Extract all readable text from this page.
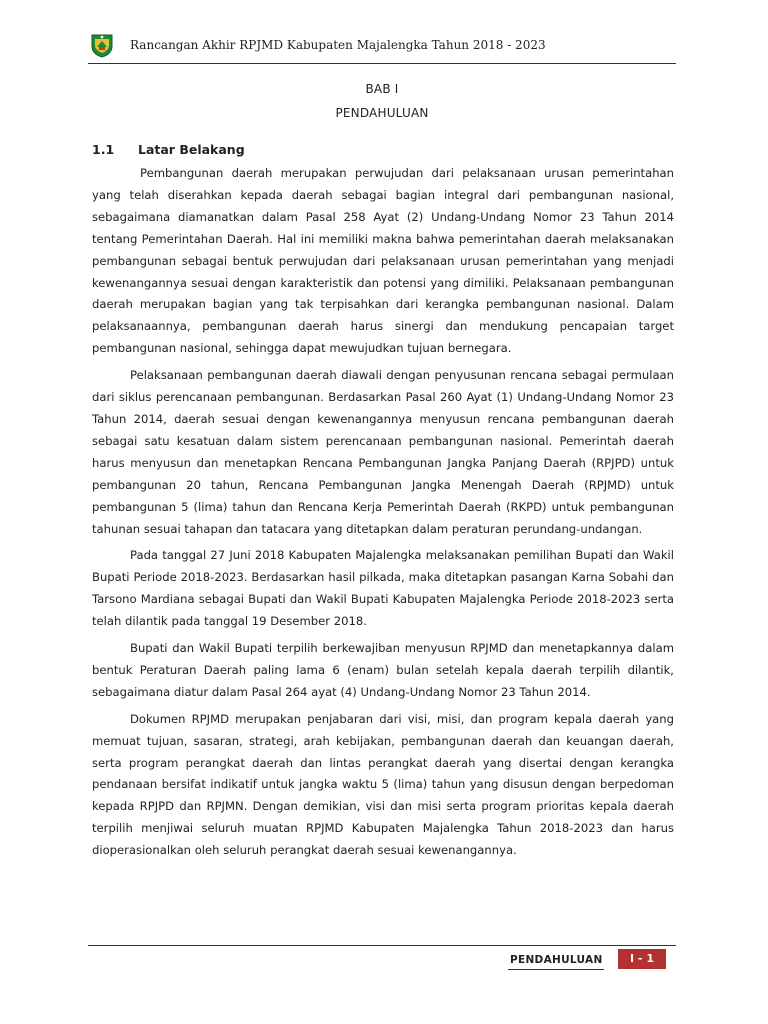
Rancangan Akhir RPJMD Kabupaten Majalengka Tahun 2018 - 2023
BAB I
PENDAHULUAN
1.1 Latar Belakang

Pembangunan daerah merupakan perwujudan dari pelaksanaan urusan pemerintahan yang telah diserahkan kepada daerah sebagai bagian integral dari pembangunan nasional, sebagaimana diamanatkan dalam Pasal 258 Ayat (2) Undang-Undang Nomor 23 Tahun 2014 tentang Pemerintahan Daerah. Hal ini memiliki makna bahwa pemerintahan daerah melaksanakan pembangunan sebagai bentuk perwujudan dari pelaksanaan urusan pemerintahan yang menjadi kewenangannya sesuai dengan karakteristik dan potensi yang dimiliki. Pelaksanaan pembangunan daerah merupakan bagian yang tak terpisahkan dari kerangka pembangunan nasional. Dalam pelaksanaannya, pembangunan daerah harus sinergi dan mendukung pencapaian target pembangunan nasional, sehingga dapat mewujudkan tujuan bernegara.

Pelaksanaan pembangunan daerah diawali dengan penyusunan rencana sebagai permulaan dari siklus perencanaan pembangunan. Berdasarkan Pasal 260 Ayat (1) Undang-Undang Nomor 23 Tahun 2014, daerah sesuai dengan kewenangannya menyusun rencana pembangunan daerah sebagai satu kesatuan dalam sistem perencanaan pembangunan nasional. Pemerintah daerah harus menyusun dan menetapkan Rencana Pembangunan Jangka Panjang Daerah (RPJPD) untuk pembangunan 20 tahun, Rencana Pembangunan Jangka Menengah Daerah (RPJMD) untuk pembangunan 5 (lima) tahun dan Rencana Kerja Pemerintah Daerah (RKPD) untuk pembangunan tahunan sesuai tahapan dan tatacara yang ditetapkan dalam peraturan perundang-undangan.

Pada tanggal 27 Juni 2018 Kabupaten Majalengka melaksanakan pemilihan Bupati dan Wakil Bupati Periode 2018-2023. Berdasarkan hasil pilkada, maka ditetapkan pasangan Karna Sobahi dan Tarsono Mardiana sebagai Bupati dan Wakil Bupati Kabupaten Majalengka Periode 2018-2023 serta telah dilantik pada tanggal 19 Desember 2018.

Bupati dan Wakil Bupati terpilih berkewajiban menyusun RPJMD dan menetapkannya dalam bentuk Peraturan Daerah paling lama 6 (enam) bulan setelah kepala daerah terpilih dilantik, sebagaimana diatur dalam Pasal 264 ayat (4) Undang-Undang Nomor 23 Tahun 2014.

Dokumen RPJMD merupakan penjabaran dari visi, misi, dan program kepala daerah yang memuat tujuan, sasaran, strategi, arah kebijakan, pembangunan daerah dan keuangan daerah, serta program perangkat daerah dan lintas perangkat daerah yang disertai dengan kerangka pendanaan bersifat indikatif untuk jangka waktu 5 (lima) tahun yang disusun dengan berpedoman kepada RPJPD dan RPJMN. Dengan demikian, visi dan misi serta program prioritas kepala daerah terpilih menjiwai seluruh muatan RPJMD Kabupaten Majalengka Tahun 2018-2023 dan harus dioperasionalkan oleh seluruh perangkat daerah sesuai kewenangannya.

PENDAHULUAN	I - 1
